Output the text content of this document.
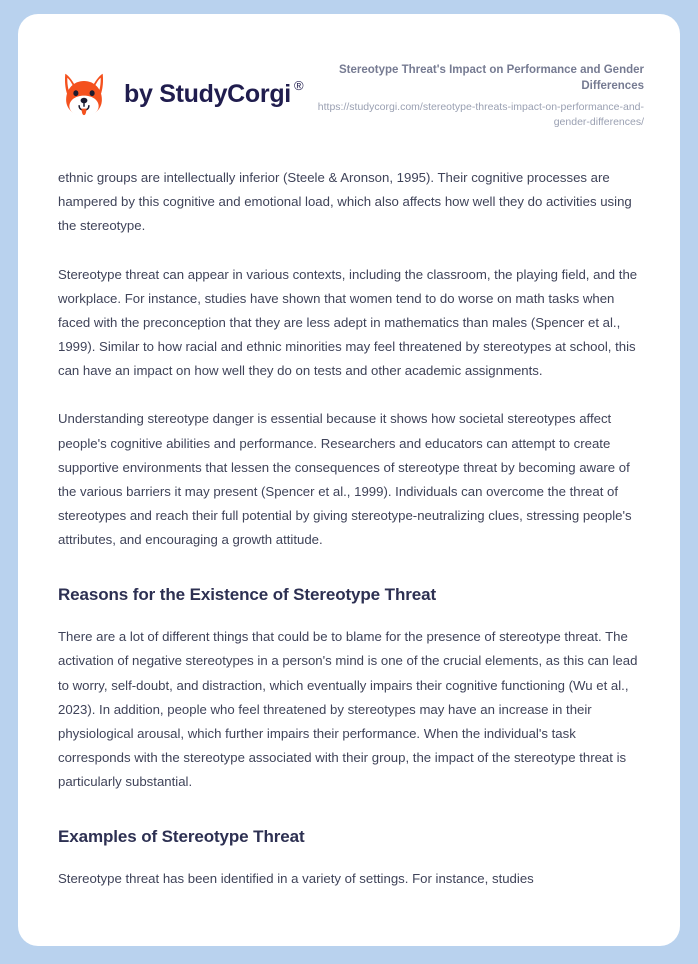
by StudyCorgi ®

Stereotype Threat's Impact on Performance and Gender Differences

https://studycorgi.com/stereotype-threats-impact-on-performance-and-gender-differences/

ethnic groups are intellectually inferior (Steele & Aronson, 1995). Their cognitive processes are hampered by this cognitive and emotional load, which also affects how well they do activities using the stereotype.

Stereotype threat can appear in various contexts, including the classroom, the playing field, and the workplace. For instance, studies have shown that women tend to do worse on math tasks when faced with the preconception that they are less adept in mathematics than males (Spencer et al., 1999). Similar to how racial and ethnic minorities may feel threatened by stereotypes at school, this can have an impact on how well they do on tests and other academic assignments.

Understanding stereotype danger is essential because it shows how societal stereotypes affect people's cognitive abilities and performance. Researchers and educators can attempt to create supportive environments that lessen the consequences of stereotype threat by becoming aware of the various barriers it may present (Spencer et al., 1999). Individuals can overcome the threat of stereotypes and reach their full potential by giving stereotype-neutralizing clues, stressing people's attributes, and encouraging a growth attitude.

Reasons for the Existence of Stereotype Threat

There are a lot of different things that could be to blame for the presence of stereotype threat. The activation of negative stereotypes in a person's mind is one of the crucial elements, as this can lead to worry, self-doubt, and distraction, which eventually impairs their cognitive functioning (Wu et al., 2023). In addition, people who feel threatened by stereotypes may have an increase in their physiological arousal, which further impairs their performance. When the individual's task corresponds with the stereotype associated with their group, the impact of the stereotype threat is particularly substantial.

Examples of Stereotype Threat

Stereotype threat has been identified in a variety of settings. For instance, studies
